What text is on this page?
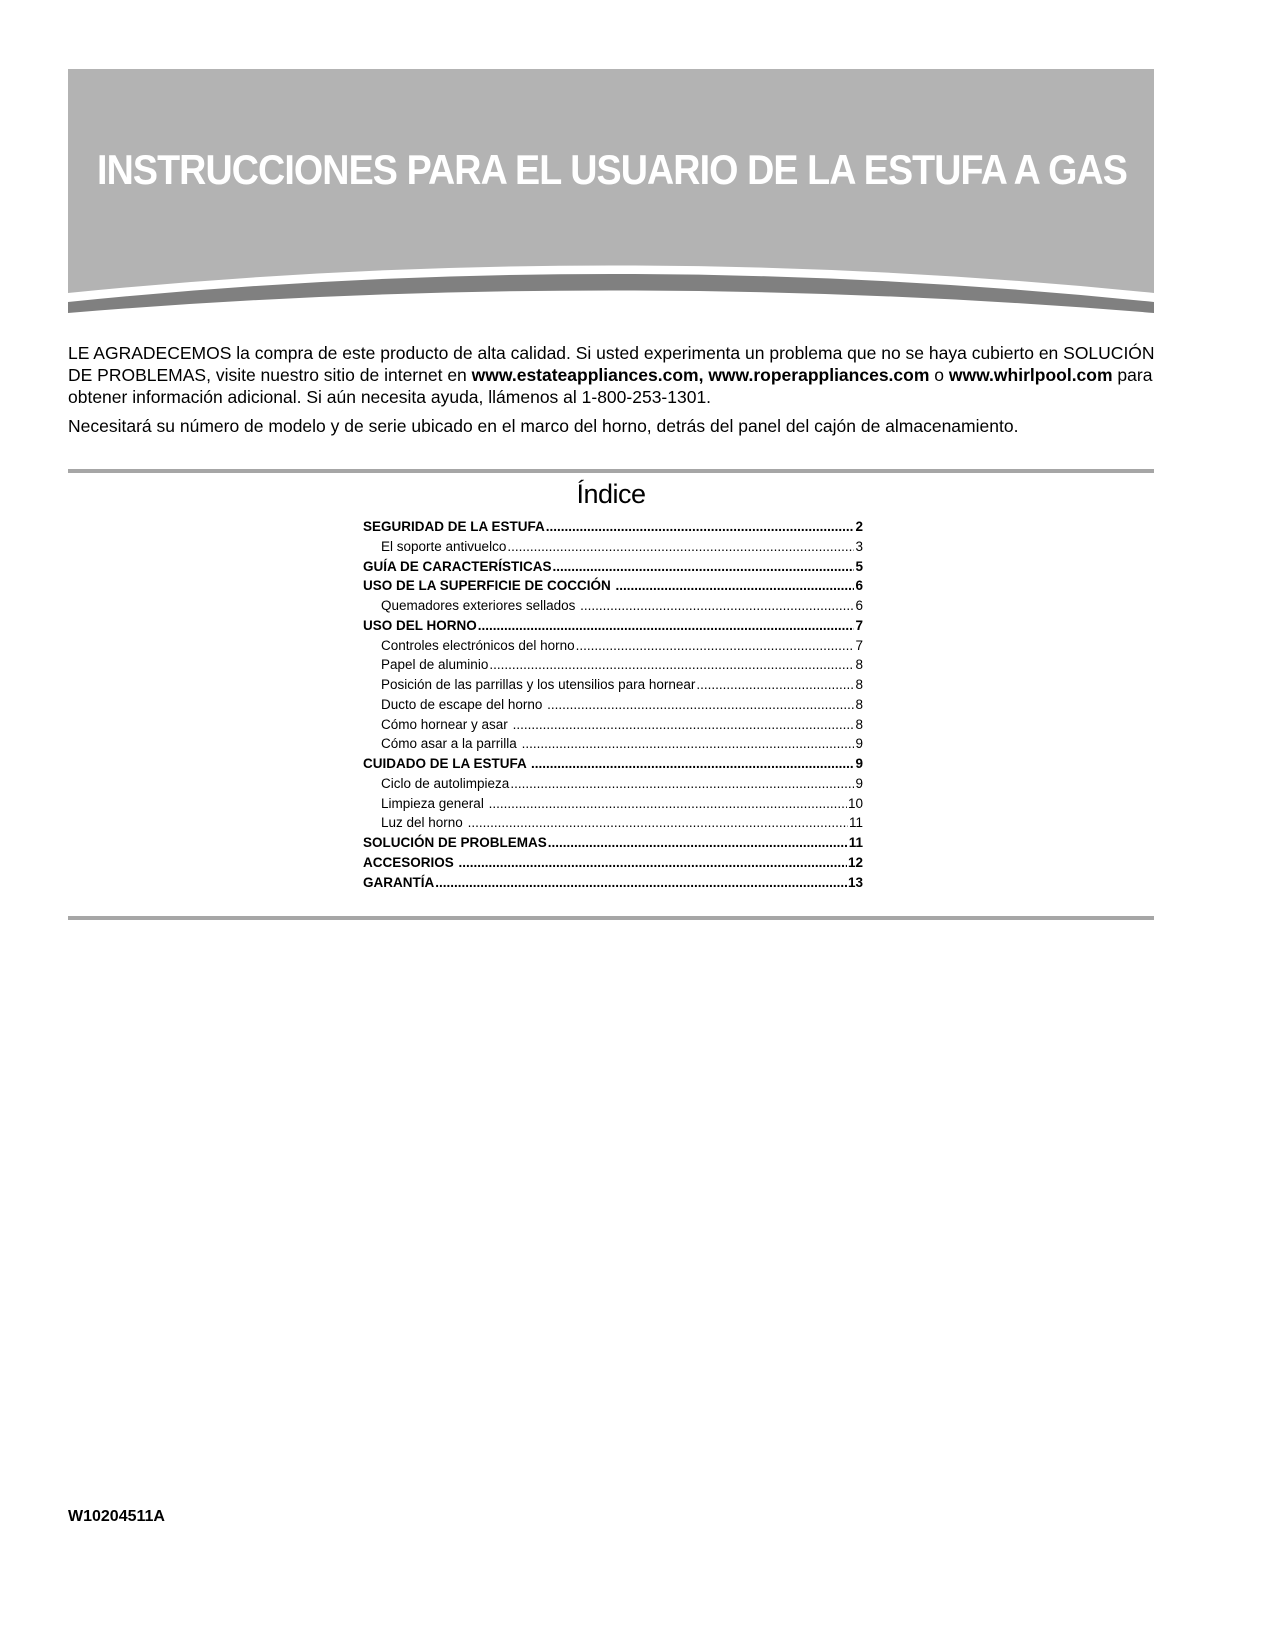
INSTRUCCIONES PARA EL USUARIO DE LA ESTUFA A GAS
LE AGRADECEMOS la compra de este producto de alta calidad. Si usted experimenta un problema que no se haya cubierto en SOLUCIÓN DE PROBLEMAS, visite nuestro sitio de internet en www.estateappliances.com, www.roperappliances.com o www.whirlpool.com para obtener información adicional. Si aún necesita ayuda, llámenos al 1-800-253-1301.
Necesitará su número de modelo y de serie ubicado en el marco del horno, detrás del panel del cajón de almacenamiento.
Índice
SEGURIDAD DE LA ESTUFA .....	2
El soporte antivuelco .....	3
GUÍA DE CARACTERÍSTICAS .....	5
USO DE LA SUPERFICIE DE COCCIÓN .....	6
Quemadores exteriores sellados .....	6
USO DEL HORNO .....	7
Controles electrónicos del horno .....	7
Papel de aluminio .....	8
Posición de las parrillas y los utensilios para hornear .....	8
Ducto de escape del horno .....	8
Cómo hornear y asar .....	8
Cómo asar a la parrilla .....	9
CUIDADO DE LA ESTUFA .....	9
Ciclo de autolimpieza .....	9
Limpieza general .....	10
Luz del horno .....	11
SOLUCIÓN DE PROBLEMAS .....	11
ACCESORIOS .....	12
GARANTÍA .....	13
W10204511A
